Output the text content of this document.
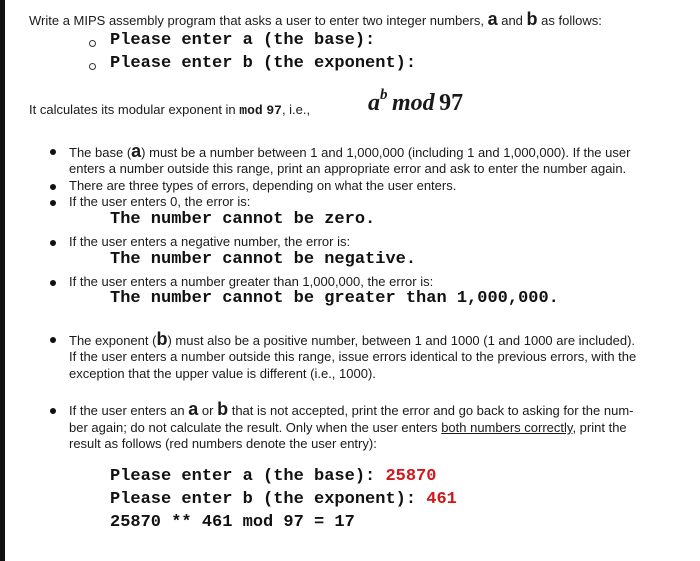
Write a MIPS assembly program that asks a user to enter two integer numbers, a and b as follows:
Please enter a (the base):
Please enter b (the exponent):
It calculates its modular exponent in mod 97, i.e., ab mod 97
The base (a) must be a number between 1 and 1,000,000 (including 1 and 1,000,000). If the user
enters a number outside this range, print an appropriate error and ask to enter the number again.
There are three types of errors, depending on what the user enters.
If the user enters 0, the error is:
The number cannot be zero.
If the user enters a negative number, the error is:
The number cannot be negative.
If the user enters a number greater than 1,000,000, the error is:
The number cannot be greater than 1,000,000.
The exponent (b) must also be a positive number, between 1 and 1000 (1 and 1000 are included).
If the user enters a number outside this range, issue errors identical to the previous errors, with the
exception that the upper value is different (i.e., 1000).
If the user enters an a or b that is not accepted, print the error and go back to asking for the num-
ber again; do not calculate the result. Only when the user enters both numbers correctly, print the
result as follows (red numbers denote the user entry):
Please enter a (the base): 25870
Please enter b (the exponent): 461
25870 ** 461 mod 97 = 17
